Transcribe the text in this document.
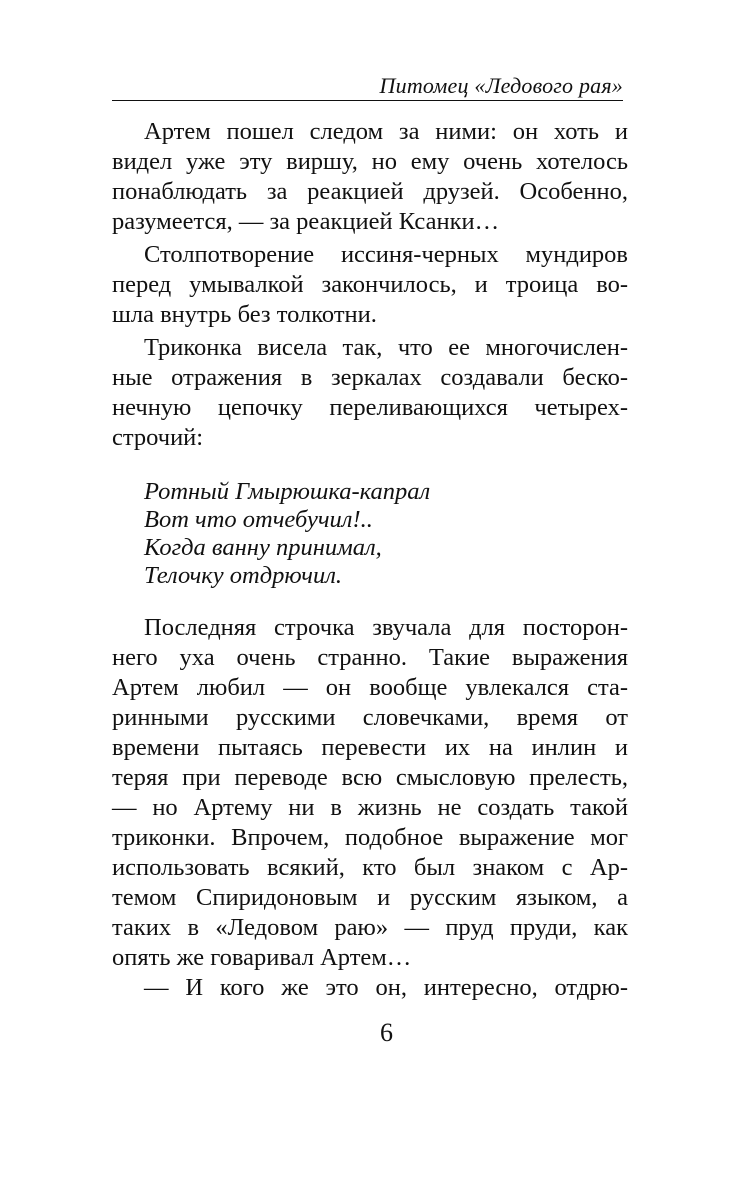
Питомец «Ледового рая»
Артем пошел следом за ними: он хоть и
видел уже эту виршу, но ему очень хотелось
понаблюдать за реакцией друзей. Особенно,
разумеется, — за реакцией Ксанки…
Столпотворение иссиня-черных мундиров
перед умывалкой закончилось, и троица во-
шла внутрь без толкотни.
Триконка висела так, что ее многочислен-
ные отражения в зеркалах создавали беско-
нечную цепочку переливающихся четырех-
строчий:
Ротный Гмырюшка-капрал
Вот что отчебучил!..
Когда ванну принимал,
Телочку отдрючил.
Последняя строчка звучала для посторон-
него уха очень странно. Такие выражения
Артем любил — он вообще увлекался ста-
ринными русскими словечками, время от
времени пытаясь перевести их на инлин и
теряя при переводе всю смысловую прелесть,
— но Артему ни в жизнь не создать такой
триконки. Впрочем, подобное выражение мог
использовать всякий, кто был знаком с Ар-
темом Спиридоновым и русским языком, а
таких в «Ледовом раю» — пруд пруди, как
опять же говаривал Артем…
— И кого же это он, интересно, отдрю-
6
